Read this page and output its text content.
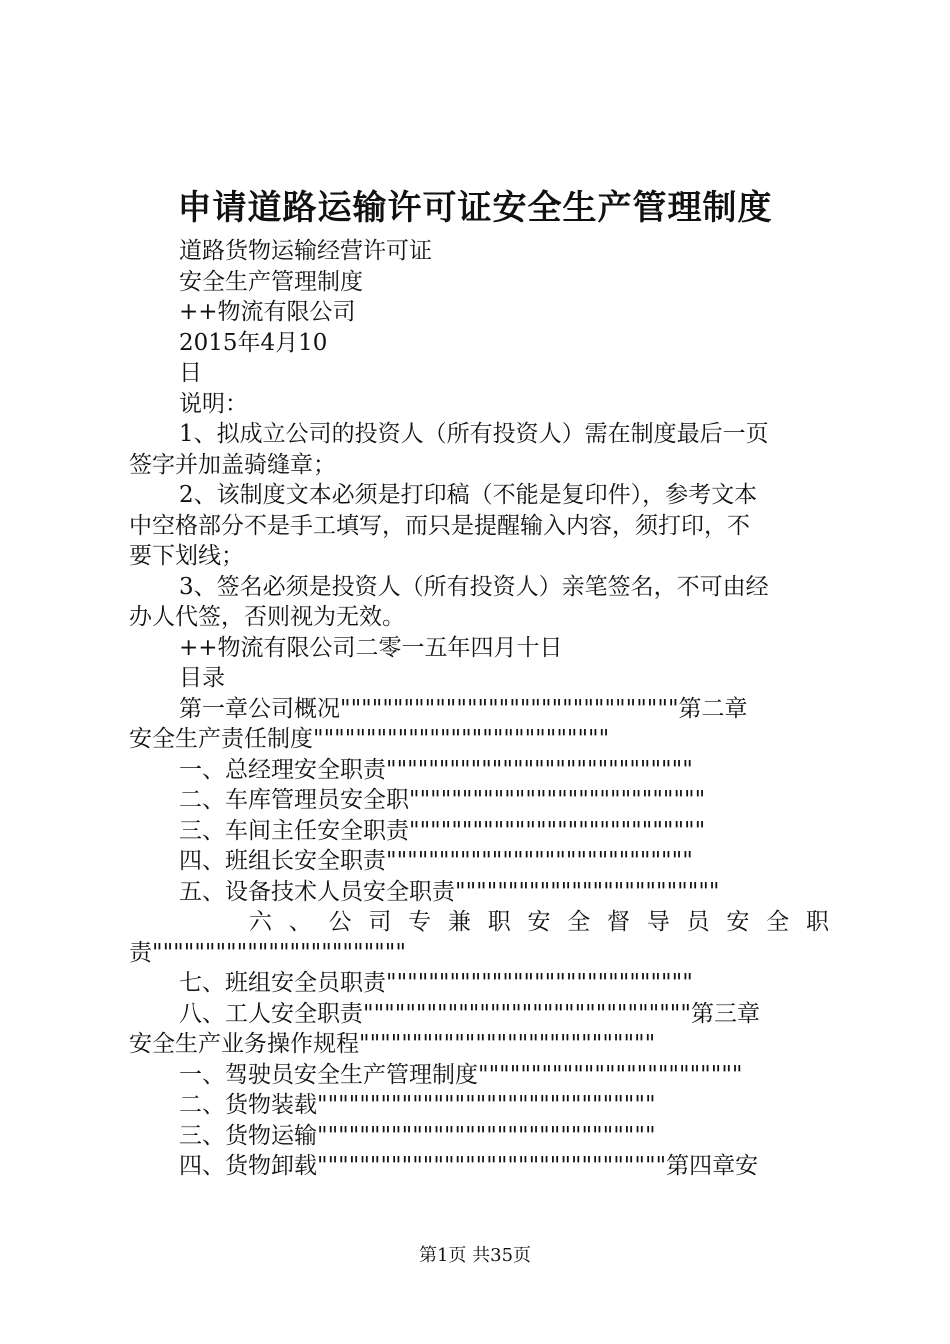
申请道路运输许可证安全生产管理制度
道路货物运输经营许可证
安全生产管理制度
++物流有限公司
2015年4月10
日
说明：
1、拟成立公司的投资人（所有投资人）需在制度最后一页
签字并加盖骑缝章；
2、该制度文本必须是打印稿（不能是复印件），参考文本
中空格部分不是手工填写，而只是提醒输入内容，须打印，不
要下划线；
3、签名必须是投资人（所有投资人）亲笔签名，不可由经
办人代签，否则视为无效。
++物流有限公司二零一五年四月十日
目录
第一章公司概况""""""""""""""""""""""""""""""""第二章
安全生产责任制度""""""""""""""""""""""""""""
一、总经理安全职责"""""""""""""""""""""""""""""
二、车库管理员安全职""""""""""""""""""""""""""""
三、车间主任安全职责""""""""""""""""""""""""""""
四、班组长安全职责"""""""""""""""""""""""""""""
五、设备技术人员安全职责"""""""""""""""""""""""""
六 、 公 司 专 兼 职 安 全 督 导 员 安 全 职
责""""""""""""""""""""""""
七、班组安全员职责"""""""""""""""""""""""""""""
八、工人安全职责"""""""""""""""""""""""""""""""第三章
安全生产业务操作规程""""""""""""""""""""""""""""
一、驾驶员安全生产管理制度"""""""""""""""""""""""""
二、货物装载""""""""""""""""""""""""""""""""
三、货物运输""""""""""""""""""""""""""""""""
四、货物卸载"""""""""""""""""""""""""""""""""第四章安
第1页 共35页
